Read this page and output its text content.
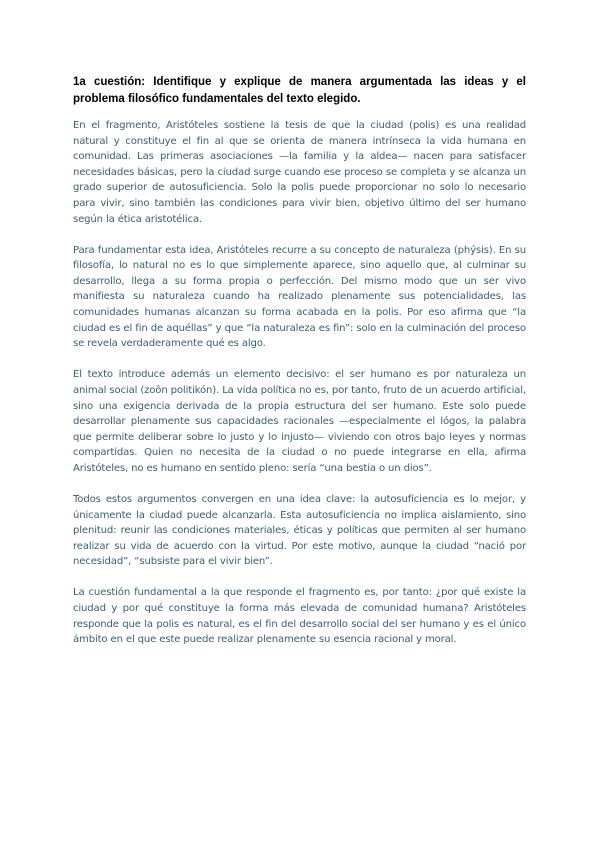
1a cuestión: Identifique y explique de manera argumentada las ideas y el problema filosófico fundamentales del texto elegido.

En el fragmento, Aristóteles sostiene la tesis de que la ciudad (polis) es una realidad natural y constituye el fin al que se orienta de manera intrínseca la vida humana en comunidad. Las primeras asociaciones —la familia y la aldea— nacen para satisfacer necesidades básicas, pero la ciudad surge cuando ese proceso se completa y se alcanza un grado superior de autosuficiencia. Solo la polis puede proporcionar no solo lo necesario para vivir, sino también las condiciones para vivir bien, objetivo último del ser humano según la ética aristotélica.

Para fundamentar esta idea, Aristóteles recurre a su concepto de naturaleza (phýsis). En su filosofía, lo natural no es lo que simplemente aparece, sino aquello que, al culminar su desarrollo, llega a su forma propia o perfección. Del mismo modo que un ser vivo manifiesta su naturaleza cuando ha realizado plenamente sus potencialidades, las comunidades humanas alcanzan su forma acabada en la polis. Por eso afirma que “la ciudad es el fin de aquéllas” y que “la naturaleza es fin”: solo en la culminación del proceso se revela verdaderamente qué es algo.

El texto introduce además un elemento decisivo: el ser humano es por naturaleza un animal social (zoôn politikón). La vida política no es, por tanto, fruto de un acuerdo artificial, sino una exigencia derivada de la propia estructura del ser humano. Este solo puede desarrollar plenamente sus capacidades racionales —especialmente el lógos, la palabra que permite deliberar sobre lo justo y lo injusto— viviendo con otros bajo leyes y normas compartidas. Quien no necesita de la ciudad o no puede integrarse en ella, afirma Aristóteles, no es humano en sentido pleno: sería “una bestia o un dios”.

Todos estos argumentos convergen en una idea clave: la autosuficiencia es lo mejor, y únicamente la ciudad puede alcanzarla. Esta autosuficiencia no implica aislamiento, sino plenitud: reunir las condiciones materiales, éticas y políticas que permiten al ser humano realizar su vida de acuerdo con la virtud. Por este motivo, aunque la ciudad “nació por necesidad”, “subsiste para el vivir bien”.

La cuestión fundamental a la que responde el fragmento es, por tanto: ¿por qué existe la ciudad y por qué constituye la forma más elevada de comunidad humana? Aristóteles responde que la polis es natural, es el fin del desarrollo social del ser humano y es el único ámbito en el que este puede realizar plenamente su esencia racional y moral.
